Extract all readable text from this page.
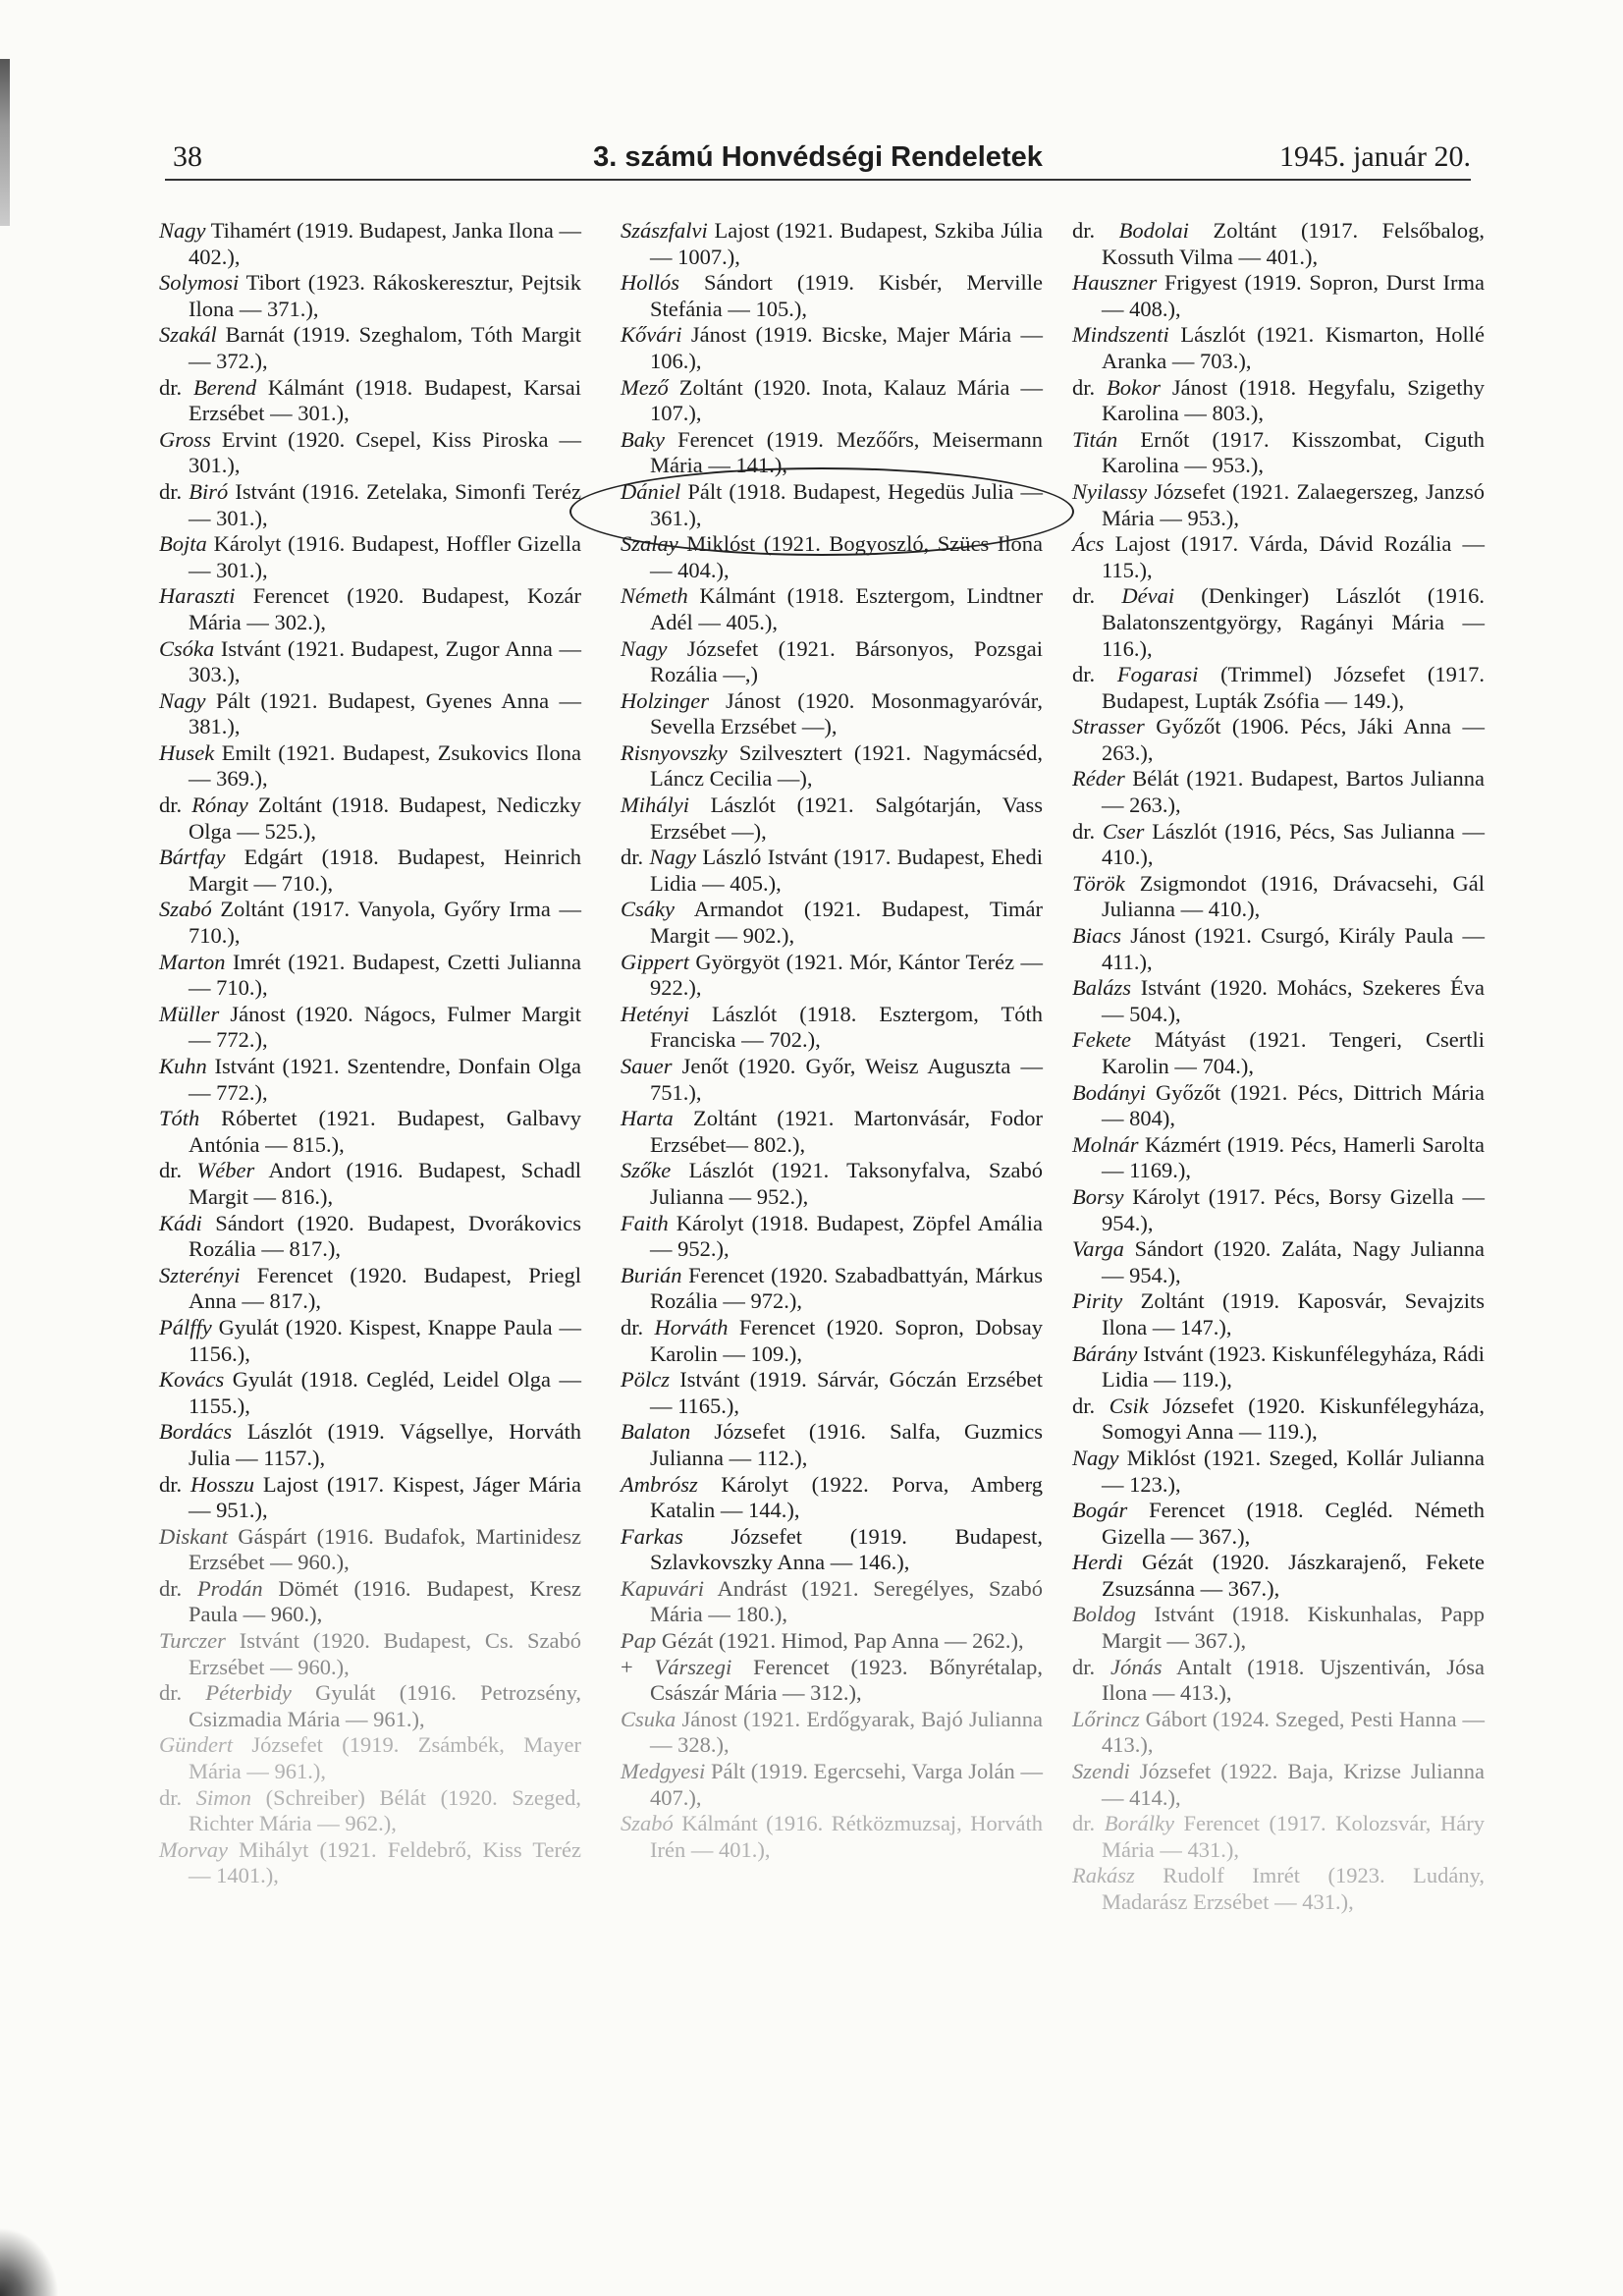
38	3. számú Honvédségi Rendeletek	1945. január 20.

Nagy Tihamért (1919. Budapest, Janka Ilona — 402.),

Solymosi Tibort (1923. Rákoskeresztur, Pejtsik Ilona — 371.),

Szakál Barnát (1919. Szeghalom, Tóth Margit — 372.),

dr. Berend Kálmánt (1918. Budapest, Karsai Erzsébet — 301.),

Gross Ervint (1920. Csepel, Kiss Piroska — 301.),

dr. Biró Istvánt (1916. Zetelaka, Simonfi Teréz — 301.),

Bojta Károlyt (1916. Budapest, Hoffler Gizella — 301.),

Haraszti Ferencet (1920. Budapest, Kozár Mária — 302.),

Csóka Istvánt (1921. Budapest, Zugor Anna — 303.),

Nagy Pált (1921. Budapest, Gyenes Anna — 381.),

Husek Emilt (1921. Budapest, Zsukovics Ilona — 369.),

dr. Rónay Zoltánt (1918. Budapest, Nediczky Olga — 525.),

Bártfay Edgárt (1918. Budapest, Heinrich Margit — 710.),

Szabó Zoltánt (1917. Vanyola, Győry Irma — 710.),

Marton Imrét (1921. Budapest, Czetti Julianna — 710.),

Müller Jánost (1920. Nágocs, Fulmer Margit — 772.),

Kuhn Istvánt (1921. Szentendre, Donfain Olga — 772.),

Tóth Róbertet (1921. Budapest, Galbavy Antónia — 815.),

dr. Wéber Andort (1916. Budapest, Schadl Margit — 816.),

Kádi Sándort (1920. Budapest, Dvorákovics Rozália — 817.),

Szterényi Ferencet (1920. Budapest, Priegl Anna — 817.),

Pálffy Gyulát (1920. Kispest, Knappe Paula — 1156.),

Kovács Gyulát (1918. Cegléd, Leidel Olga — 1155.),

Bordács Lászlót (1919. Vágsellye, Horváth Julia — 1157.),

dr. Hosszu Lajost (1917. Kispest, Jáger Mária — 951.),

Diskant Gáspárt (1916. Budafok, Martinidesz Erzsébet — 960.),

dr. Prodán Dömét (1916. Budapest, Kresz Paula — 960.),

Turczer Istvánt (1920. Budapest, Cs. Szabó Erzsébet — 960.),

dr. Péterbidy Gyulát (1916. Petrozsény, Csizmadia Mária — 961.),

Gündert Józsefet (1919. Zsámbék, Mayer Mária — 961.),

dr. Simon (Schreiber) Bélát (1920. Szeged, Richter Mária — 962.),

Morvay Mihályt (1921. Feldebrő, Kiss Teréz — 1401.),

Szászfalvi Lajost (1921. Budapest, Szkiba Júlia — 1007.),

Hollós Sándort (1919. Kisbér, Merville Stefánia — 105.),

Kővári Jánost (1919. Bicske, Majer Mária — 106.),

Mező Zoltánt (1920. Inota, Kalauz Mária — 107.),

Baky Ferencet (1919. Mezőőrs, Meisermann Mária — 141.),

Dániel Pált (1918. Budapest, Hegedüs Julia — 361.),

Szalay Miklóst (1921. Bogyoszló, Szücs Ilona — 404.),

Németh Kálmánt (1918. Esztergom, Lindtner Adél — 405.),

Nagy Józsefet (1921. Bársonyos, Pozsgai Rozália —,)

Holzinger Jánost (1920. Mosonmagyaróvár, Sevella Erzsébet —),

Risnyovszky Szilvesztert (1921. Nagymácséd, Láncz Cecilia —),

Mihályi Lászlót (1921. Salgótarján, Vass Erzsébet —),

dr. Nagy László Istvánt (1917. Budapest, Ehedi Lidia — 405.),

Csáky Armandot (1921. Budapest, Timár Margit — 902.),

Gippert Györgyöt (1921. Mór, Kántor Teréz — 922.),

Hetényi Lászlót (1918. Esztergom, Tóth Franciska — 702.),

Sauer Jenőt (1920. Győr, Weisz Auguszta — 751.),

Harta Zoltánt (1921. Martonvásár, Fodor Erzsébet— 802.),

Szőke Lászlót (1921. Taksonyfalva, Szabó Julianna — 952.),

Faith Károlyt (1918. Budapest, Zöpfel Amália — 952.),

Burián Ferencet (1920. Szabadbattyán, Márkus Rozália — 972.),

dr. Horváth Ferencet (1920. Sopron, Dobsay Karolin — 109.),

Pölcz Istvánt (1919. Sárvár, Góczán Erzsébet — 1165.),

Balaton Józsefet (1916. Salfa, Guzmics Julianna — 112.),

Ambrósz Károlyt (1922. Porva, Amberg Katalin — 144.),

Farkas Józsefet (1919. Budapest, Szlavkovszky Anna — 146.),

Kapuvári Andrást (1921. Seregélyes, Szabó Mária — 180.),

Pap Gézát (1921. Himod, Pap Anna — 262.),

+ Várszegi Ferencet (1923. Bőnyrétalap, Császár Mária — 312.),

Csuka Jánost (1921. Erdőgyarak, Bajó Julianna — 328.),

Medgyesi Pált (1919. Egercsehi, Varga Jolán — 407.),

Szabó Kálmánt (1916. Rétközmuzsaj, Horváth Irén — 401.),

dr. Bodolai Zoltánt (1917. Felsőbalog, Kossuth Vilma — 401.),

Hauszner Frigyest (1919. Sopron, Durst Irma — 408.),

Mindszenti Lászlót (1921. Kismarton, Hollé Aranka — 703.),

dr. Bokor Jánost (1918. Hegyfalu, Szigethy Karolina — 803.),

Titán Ernőt (1917. Kisszombat, Ciguth Karolina — 953.),

Nyilassy Józsefet (1921. Zalaegerszeg, Janzsó Mária — 953.),

Ács Lajost (1917. Várda, Dávid Rozália — 115.),

dr. Dévai (Denkinger) Lászlót (1916. Balatonszentgyörgy, Ragányi Mária — 116.),

dr. Fogarasi (Trimmel) Józsefet (1917. Budapest, Lupták Zsófia — 149.),

Strasser Győzőt (1906. Pécs, Jáki Anna — 263.),

Réder Bélát (1921. Budapest, Bartos Julianna — 263.),

dr. Cser Lászlót (1916, Pécs, Sas Julianna — 410.),

Török Zsigmondot (1916, Drávacsehi, Gál Julianna — 410.),

Biacs Jánost (1921. Csurgó, Király Paula — 411.),

Balázs Istvánt (1920. Mohács, Szekeres Éva — 504.),

Fekete Mátyást (1921. Tengeri, Csertli Karolin — 704.),

Bodányi Győzőt (1921. Pécs, Dittrich Mária — 804),

Molnár Kázmért (1919. Pécs, Hamerli Sarolta — 1169.),

Borsy Károlyt (1917. Pécs, Borsy Gizella — 954.),

Varga Sándort (1920. Zaláta, Nagy Julianna — 954.),

Pirity Zoltánt (1919. Kaposvár, Sevajzits Ilona — 147.),

Bárány Istvánt (1923. Kiskunfélegyháza, Rádi Lidia — 119.),

dr. Csik Józsefet (1920. Kiskunfélegyháza, Somogyi Anna — 119.),

Nagy Miklóst (1921. Szeged, Kollár Julianna — 123.),

Bogár Ferencet (1918. Cegléd. Németh Gizella — 367.),

Herdi Gézát (1920. Jászkarajenő, Fekete Zsuzsánna — 367.),

Boldog Istvánt (1918. Kiskunhalas, Papp Margit — 367.),

dr. Jónás Antalt (1918. Ujszentiván, Jósa Ilona — 413.),

Lőrincz Gábort (1924. Szeged, Pesti Hanna — 413.),

Szendi Józsefet (1922. Baja, Krizse Julianna — 414.),

dr. Borálky Ferencet (1917. Kolozsvár, Háry Mária — 431.),

Rakász Rudolf Imrét (1923. Ludány, Madarász Erzsébet — 431.),
